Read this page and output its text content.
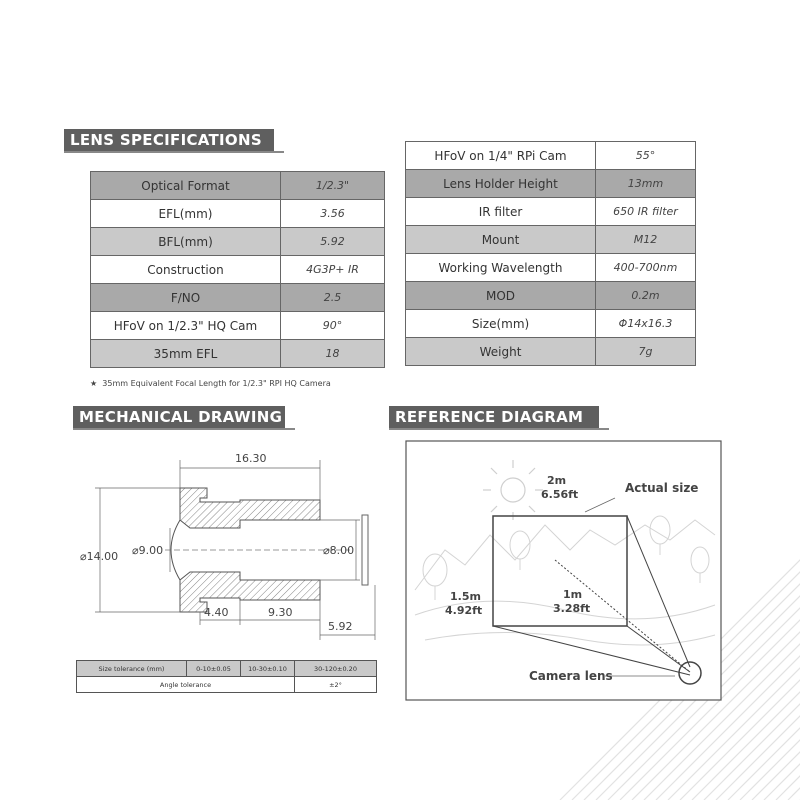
LENS SPECIFICATIONS
Optical Format	1/2.3"
EFL(mm)	3.56
BFL(mm)	5.92
Construction	4G3P+ IR
F/NO	2.5
HFoV on 1/2.3" HQ Cam	90°
35mm EFL	18
HFoV on 1/4" RPi Cam	55°
Lens Holder Height	13mm
IR filter	650 IR filter
Mount	M12
Working Wavelength	400-700nm
MOD	0.2m
Size(mm)	Φ14x16.3
Weight	7g
★ 35mm Equivalent Focal Length for 1/2.3" RPI HQ Camera
MECHANICAL DRAWING
16.30
⌀14.00 ⌀9.00	⌀8.00
4.40	9.30
5.92
Size tolerance (mm)	0-10±0.05	10-30±0.10	30-120±0.20
Angle tolerance			±2°
REFERENCE DIAGRAM
2m
6.56ft	Actual size
1.5m
4.92ft
1m
3.28ft
Camera lens
